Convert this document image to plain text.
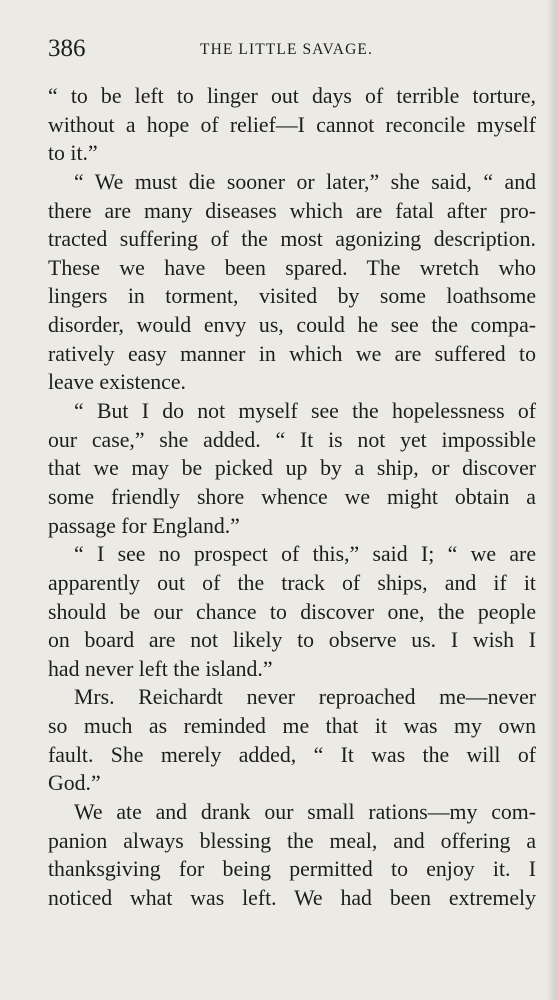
386	THE LITTLE SAVAGE.
“ to be left to linger out days of terrible torture,
without a hope of relief—I cannot reconcile myself
to it.”
“ We must die sooner or later,” she said, “ and
there are many diseases which are fatal after pro-
tracted suffering of the most agonizing description.
These we have been spared. The wretch who
lingers in torment, visited by some loathsome
disorder, would envy us, could he see the compa-
ratively easy manner in which we are suffered to
leave existence.
“ But I do not myself see the hopelessness of
our case,” she added. “ It is not yet impossible
that we may be picked up by a ship, or discover
some friendly shore whence we might obtain a
passage for England.”
“ I see no prospect of this,” said I; “ we are
apparently out of the track of ships, and if it
should be our chance to discover one, the people
on board are not likely to observe us. I wish I
had never left the island.”
Mrs. Reichardt never reproached me—never
so much as reminded me that it was my own
fault. She merely added, “ It was the will of
God.”
We ate and drank our small rations—my com-
panion always blessing the meal, and offering a
thanksgiving for being permitted to enjoy it. I
noticed what was left. We had been extremely
